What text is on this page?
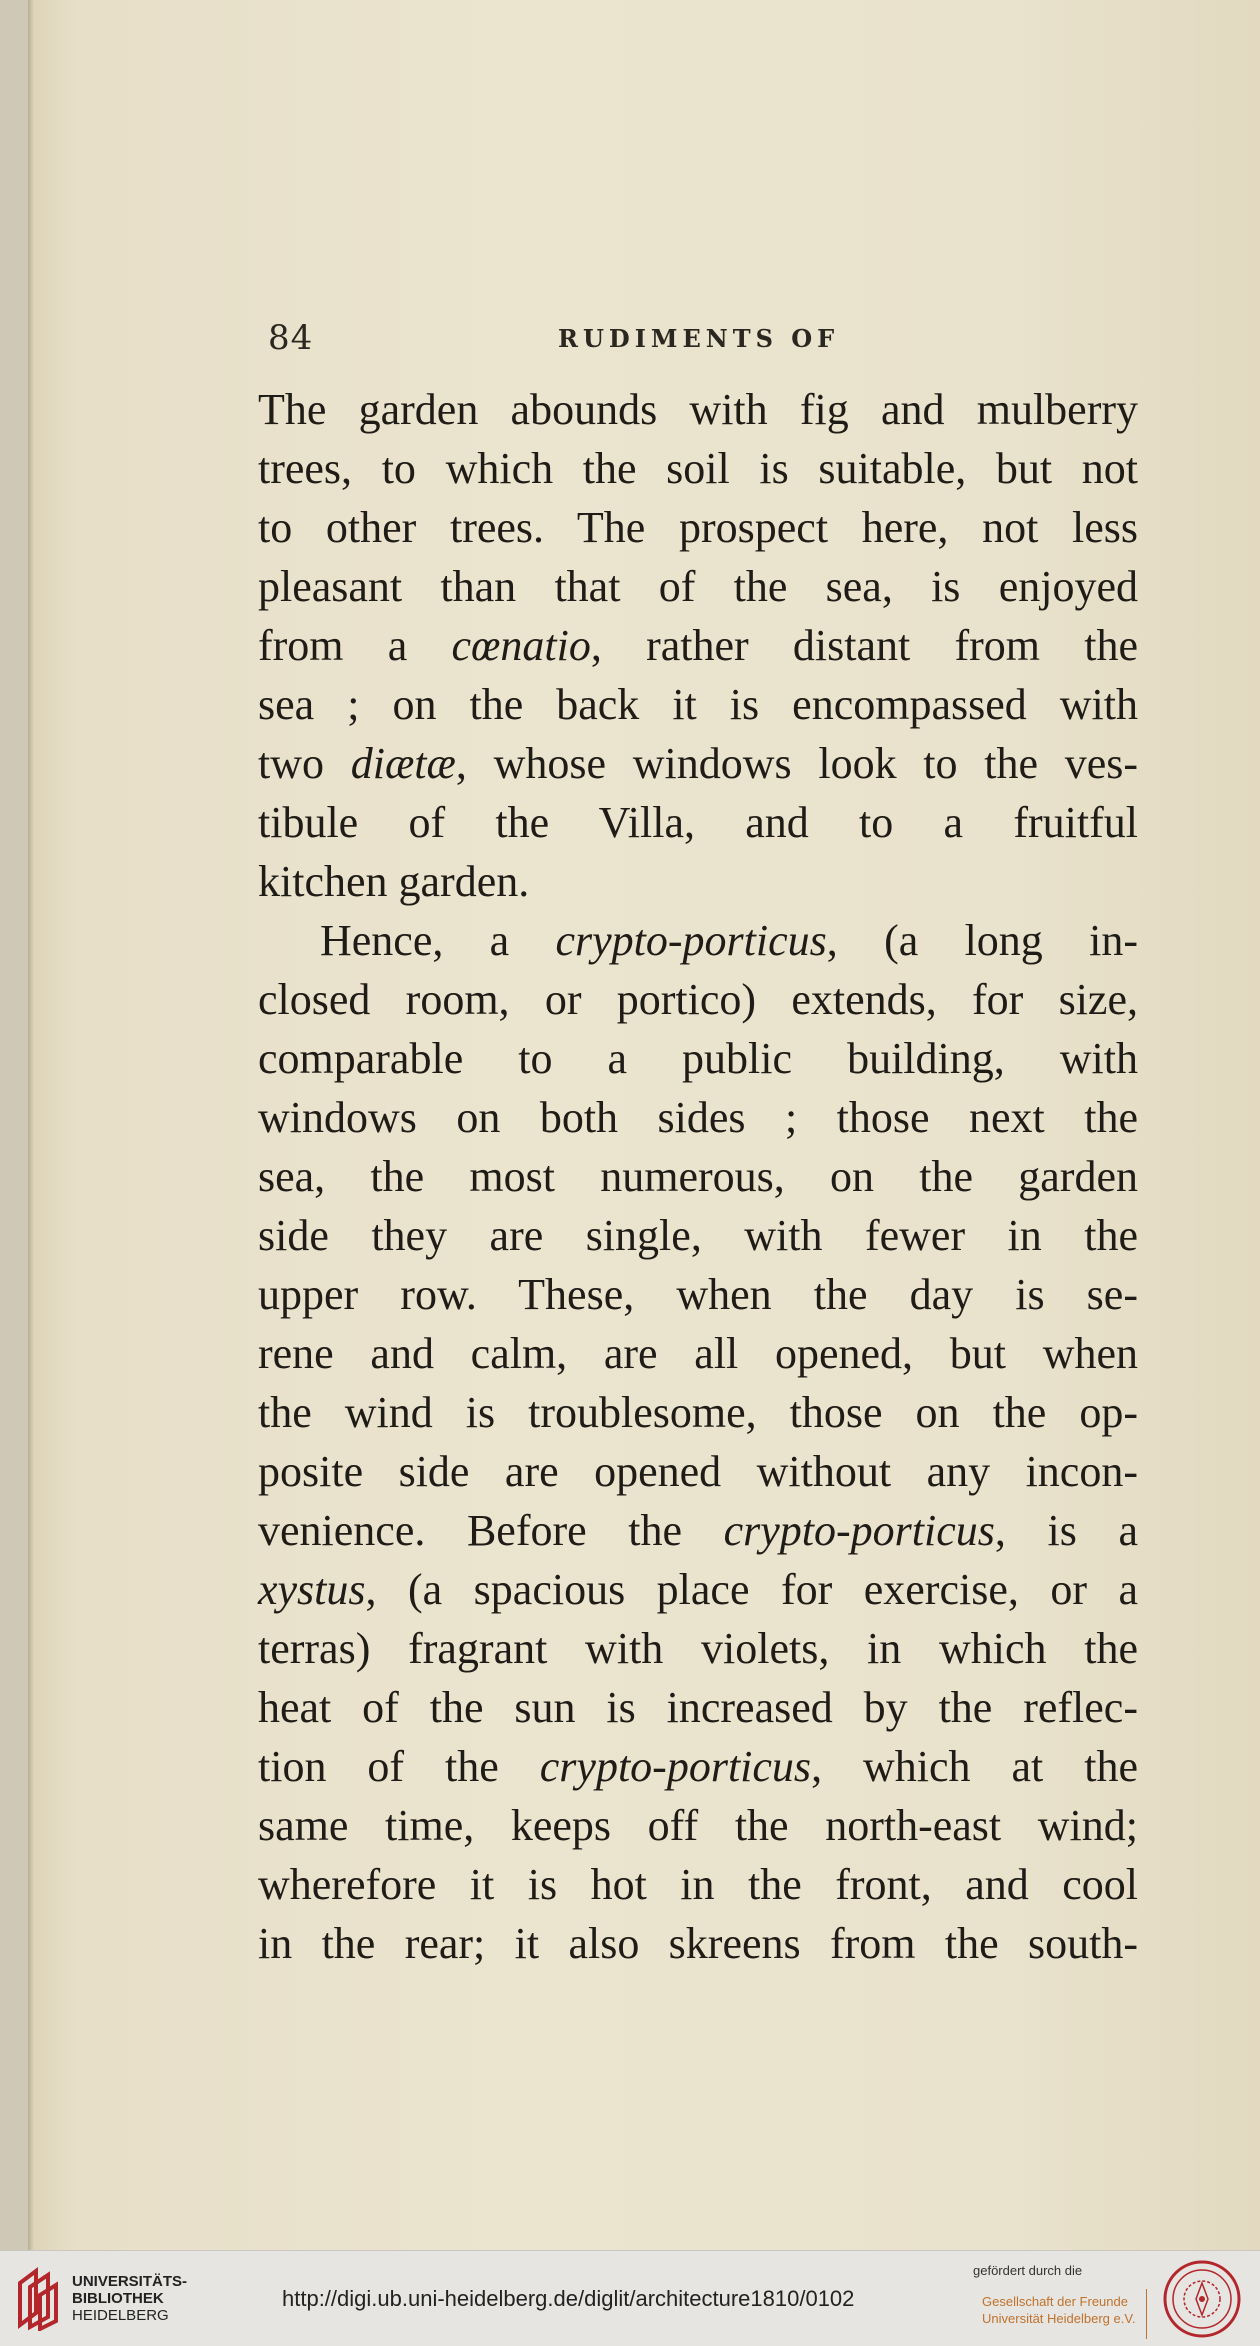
84	RUDIMENTS OF

The garden abounds with fig and mulberry

trees, to which the soil is suitable, but not

to other trees. The prospect here, not less

pleasant than that of the sea, is enjoyed

from a cœnatio, rather distant from the

sea ; on the back it is encompassed with

two diætæ, whose windows look to the ves-

tibule of the Villa, and to a fruitful

kitchen garden.

Hence, a crypto-porticus, (a long in-

closed room, or portico) extends, for size,

comparable to a public building, with

windows on both sides ; those next the

sea, the most numerous, on the garden

side they are single, with fewer in the

upper row. These, when the day is se-

rene and calm, are all opened, but when

the wind is troublesome, those on the op-

posite side are opened without any incon-

venience. Before the crypto-porticus, is a

xystus, (a spacious place for exercise, or a

terras) fragrant with violets, in which the

heat of the sun is increased by the reflec-

tion of the crypto-porticus, which at the

same time, keeps off the north-east wind;

wherefore it is hot in the front, and cool

in the rear; it also skreens from the south-

UNIVERSITÄTS-
BIBLIOTHEK
HEIDELBERG
http://digi.ub.uni-heidelberg.de/diglit/architecture1810/0102
gefördert durch die
Gesellschaft der Freunde
Universität Heidelberg e.V.
